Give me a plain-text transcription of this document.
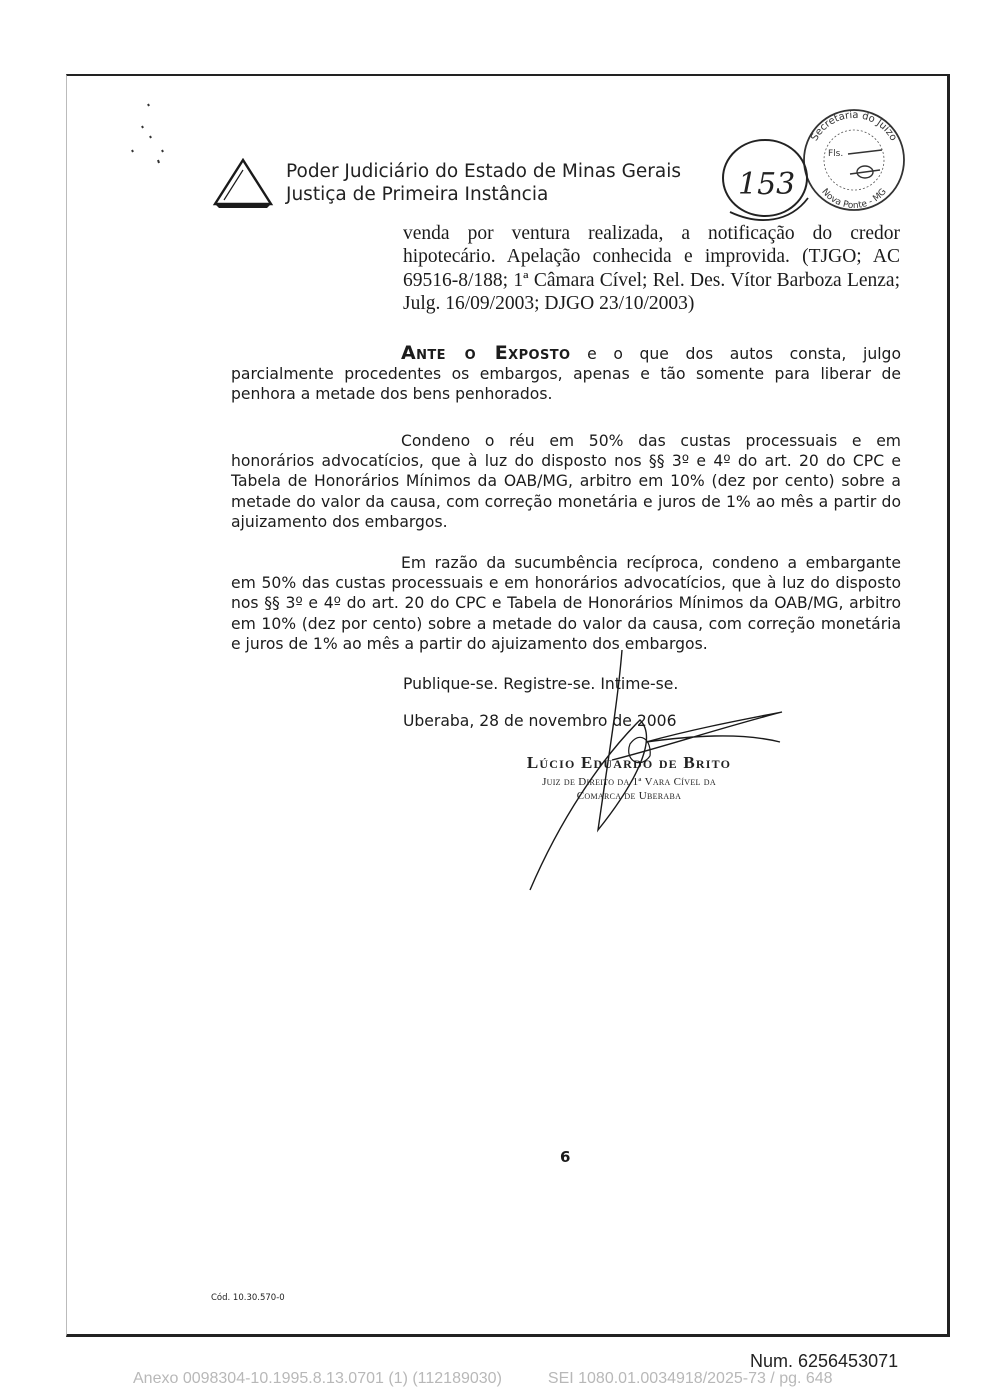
Poder Judiciário do Estado de Minas Gerais
Justiça de Primeira Instância
Secretaria do Juízo
Nova Ponte - MG
Fls.
153

venda por ventura realizada, a notificação do credor hipotecário. Apelação conhecida e improvida. (TJGO; AC 69516-8/188; 1ª Câmara Cível; Rel. Des. Vítor Barboza Lenza; Julg. 16/09/2003; DJGO 23/10/2003)

Ante o Exposto e o que dos autos consta, julgo parcialmente procedentes os embargos, apenas e tão somente para liberar de penhora a metade dos bens penhorados.

Condeno o réu em 50% das custas processuais e em honorários advocatícios, que à luz do disposto nos §§ 3º e 4º do art. 20 do CPC e Tabela de Honorários Mínimos da OAB/MG, arbitro em 10% (dez por cento) sobre a metade do valor da causa, com correção monetária e juros de 1% ao mês a partir do ajuizamento dos embargos.

Em razão da sucumbência recíproca, condeno a embargante em 50% das custas processuais e em honorários advocatícios, que à luz do disposto nos §§ 3º e 4º do art. 20 do CPC e Tabela de Honorários Mínimos da OAB/MG, arbitro em 10% (dez por cento) sobre a metade do valor da causa, com correção monetária e juros de 1% ao mês a partir do ajuizamento dos embargos.

Publique-se. Registre-se. Intime-se.
Uberaba, 28 de novembro de 2006
Lúcio Eduardo de Brito
Juiz de Direito da 1ª Vara Cível da
Comarca de Uberaba
6
Cód. 10.30.570-0
Num. 6256453071
Anexo 0098304-10.1995.8.13.0701 (1) (112189030)	SEI 1080.01.0034918/2025-73 / pg. 648
